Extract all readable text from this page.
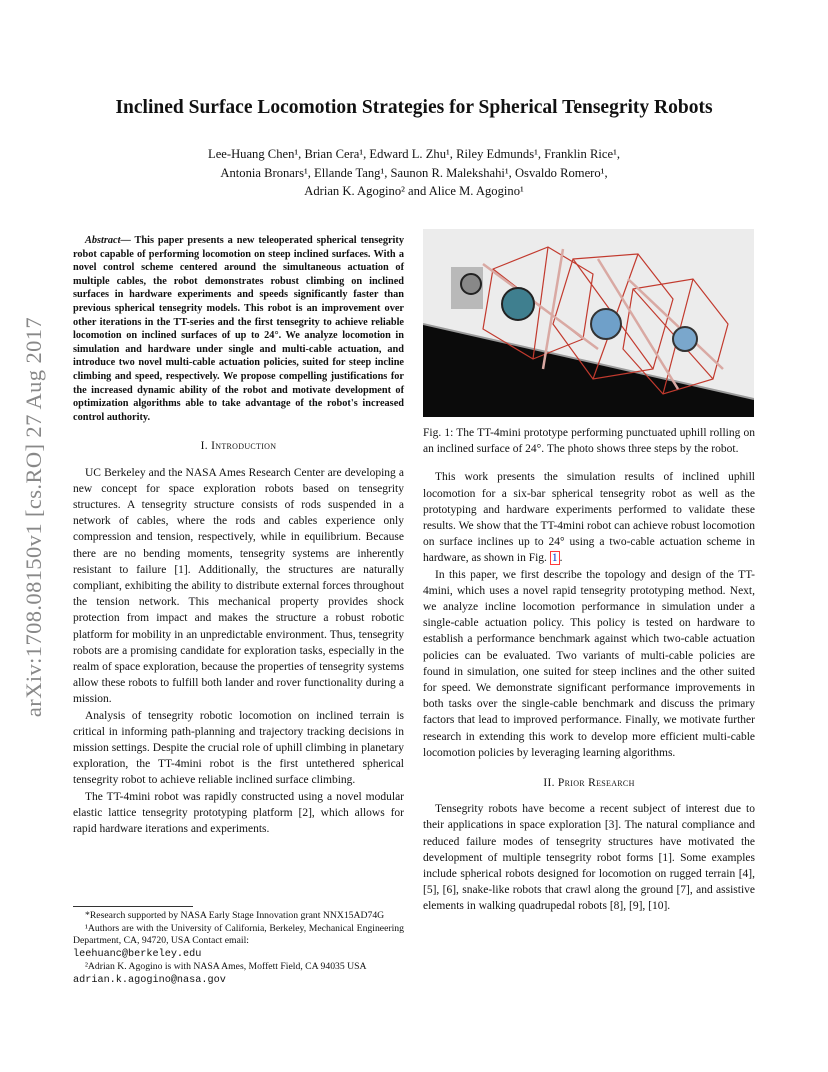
Inclined Surface Locomotion Strategies for Spherical Tensegrity Robots
Lee-Huang Chen¹, Brian Cera¹, Edward L. Zhu¹, Riley Edmunds¹, Franklin Rice¹,
Antonia Bronars¹, Ellande Tang¹, Saunon R. Malekshahi¹, Osvaldo Romero¹,
Adrian K. Agogino² and Alice M. Agogino¹
arXiv:1708.08150v1 [cs.RO] 27 Aug 2017

Abstract— This paper presents a new teleoperated spherical tensegrity robot capable of performing locomotion on steep inclined surfaces. With a novel control scheme centered around the simultaneous actuation of multiple cables, the robot demonstrates robust climbing on inclined surfaces in hardware experiments and speeds significantly faster than previous spherical tensegrity models. This robot is an improvement over other iterations in the TT-series and the first tensegrity to achieve reliable locomotion on inclined surfaces of up to 24°. We analyze locomotion in simulation and hardware under single and multi-cable actuation, and introduce two novel multi-cable actuation policies, suited for steep incline climbing and speed, respectively. We propose compelling justifications for the increased dynamic ability of the robot and motivate development of optimization algorithms able to take advantage of the robot's increased control authority.

I. Introduction

UC Berkeley and the NASA Ames Research Center are developing a new concept for space exploration robots based on tensegrity structures. A tensegrity structure consists of rods suspended in a network of cables, where the rods and cables experience only compression and tension, respectively, while in equilibrium. Because there are no bending moments, tensegrity systems are inherently resistant to failure [1]. Additionally, the structures are naturally compliant, exhibiting the ability to distribute external forces throughout the tension network. This mechanical property provides shock protection from impact and makes the structure a robust robotic platform for mobility in an unpredictable environment. Thus, tensegrity robots are a promising candidate for exploration tasks, especially in the realm of space exploration, because the properties of tensegrity systems allow these robots to fulfill both lander and rover functionality during a mission.

Analysis of tensegrity robotic locomotion on inclined terrain is critical in informing path-planning and trajectory tracking decisions in mission settings. Despite the crucial role of uphill climbing in planetary exploration, the TT-4mini robot is the first untethered spherical tensegrity robot to achieve reliable inclined surface climbing.

The TT-4mini robot was rapidly constructed using a novel modular elastic lattice tensegrity prototyping platform [2], which allows for rapid hardware iterations and experiments.

*Research supported by NASA Early Stage Innovation grant NNX15AD74G

¹Authors are with the University of California, Berkeley, Mechanical Engineering Department, CA, 94720, USA Contact email:
leehuanc@berkeley.edu

²Adrian K. Agogino is with NASA Ames, Moffett Field, CA 94035 USA
adrian.k.agogino@nasa.gov

Fig. 1: The TT-4mini prototype performing punctuated uphill rolling on an inclined surface of 24°. The photo shows three steps by the robot.

This work presents the simulation results of inclined uphill locomotion for a six-bar spherical tensegrity robot as well as the prototyping and hardware experiments performed to validate these results. We show that the TT-4mini robot can achieve robust locomotion on surface inclines up to 24° using a two-cable actuation scheme in hardware, as shown in Fig. 1 .

In this paper, we first describe the topology and design of the TT-4mini, which uses a novel rapid tensegrity prototyping method. Next, we analyze incline locomotion performance in simulation under a single-cable actuation policy. This policy is tested on hardware to establish a performance benchmark against which two-cable actuation policies can be evaluated. Two variants of multi-cable policies are found in simulation, one suited for steep inclines and the other suited for speed. We demonstrate significant performance improvements in both tasks over the single-cable benchmark and discuss the primary factors that lead to improved performance. Finally, we motivate further research in extending this work to develop more efficient multi-cable locomotion policies by leveraging learning algorithms.

II. Prior Research

Tensegrity robots have become a recent subject of interest due to their applications in space exploration [3]. The natural compliance and reduced failure modes of tensegrity structures have motivated the development of multiple tensegrity robot forms [1]. Some examples include spherical robots designed for locomotion on rugged terrain [4], [5], [6], snake-like robots that crawl along the ground [7], and assistive elements in walking quadrupedal robots [8], [9], [10].
